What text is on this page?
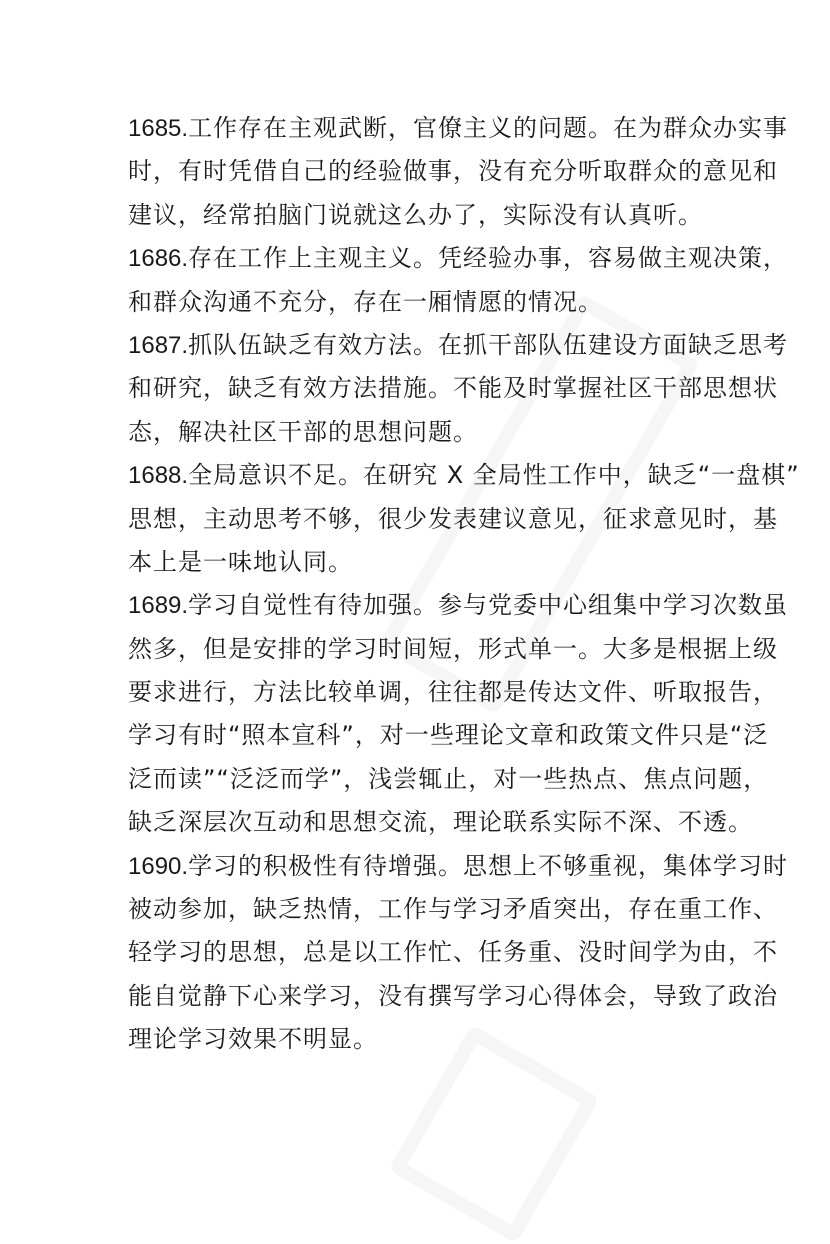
1685.工作存在主观武断，官僚主义的问题。在为群众办实事
时，有时凭借自己的经验做事，没有充分听取群众的意见和
建议，经常拍脑门说就这么办了，实际没有认真听。
1686.存在工作上主观主义。凭经验办事，容易做主观决策，
和群众沟通不充分，存在一厢情愿的情况。
1687.抓队伍缺乏有效方法。在抓干部队伍建设方面缺乏思考
和研究，缺乏有效方法措施。不能及时掌握社区干部思想状
态，解决社区干部的思想问题。
1688.全局意识不足。在研究 X 全局性工作中，缺乏“一盘棋”
思想，主动思考不够，很少发表建议意见，征求意见时，基
本上是一味地认同。
1689.学习自觉性有待加强。参与党委中心组集中学习次数虽
然多，但是安排的学习时间短，形式单一。大多是根据上级
要求进行，方法比较单调，往往都是传达文件、听取报告，
学习有时“照本宣科”，对一些理论文章和政策文件只是“泛
泛而读”“泛泛而学”，浅尝辄止，对一些热点、焦点问题，
缺乏深层次互动和思想交流，理论联系实际不深、不透。
1690.学习的积极性有待增强。思想上不够重视，集体学习时
被动参加，缺乏热情，工作与学习矛盾突出，存在重工作、
轻学习的思想，总是以工作忙、任务重、没时间学为由，不
能自觉静下心来学习，没有撰写学习心得体会，导致了政治
理论学习效果不明显。
